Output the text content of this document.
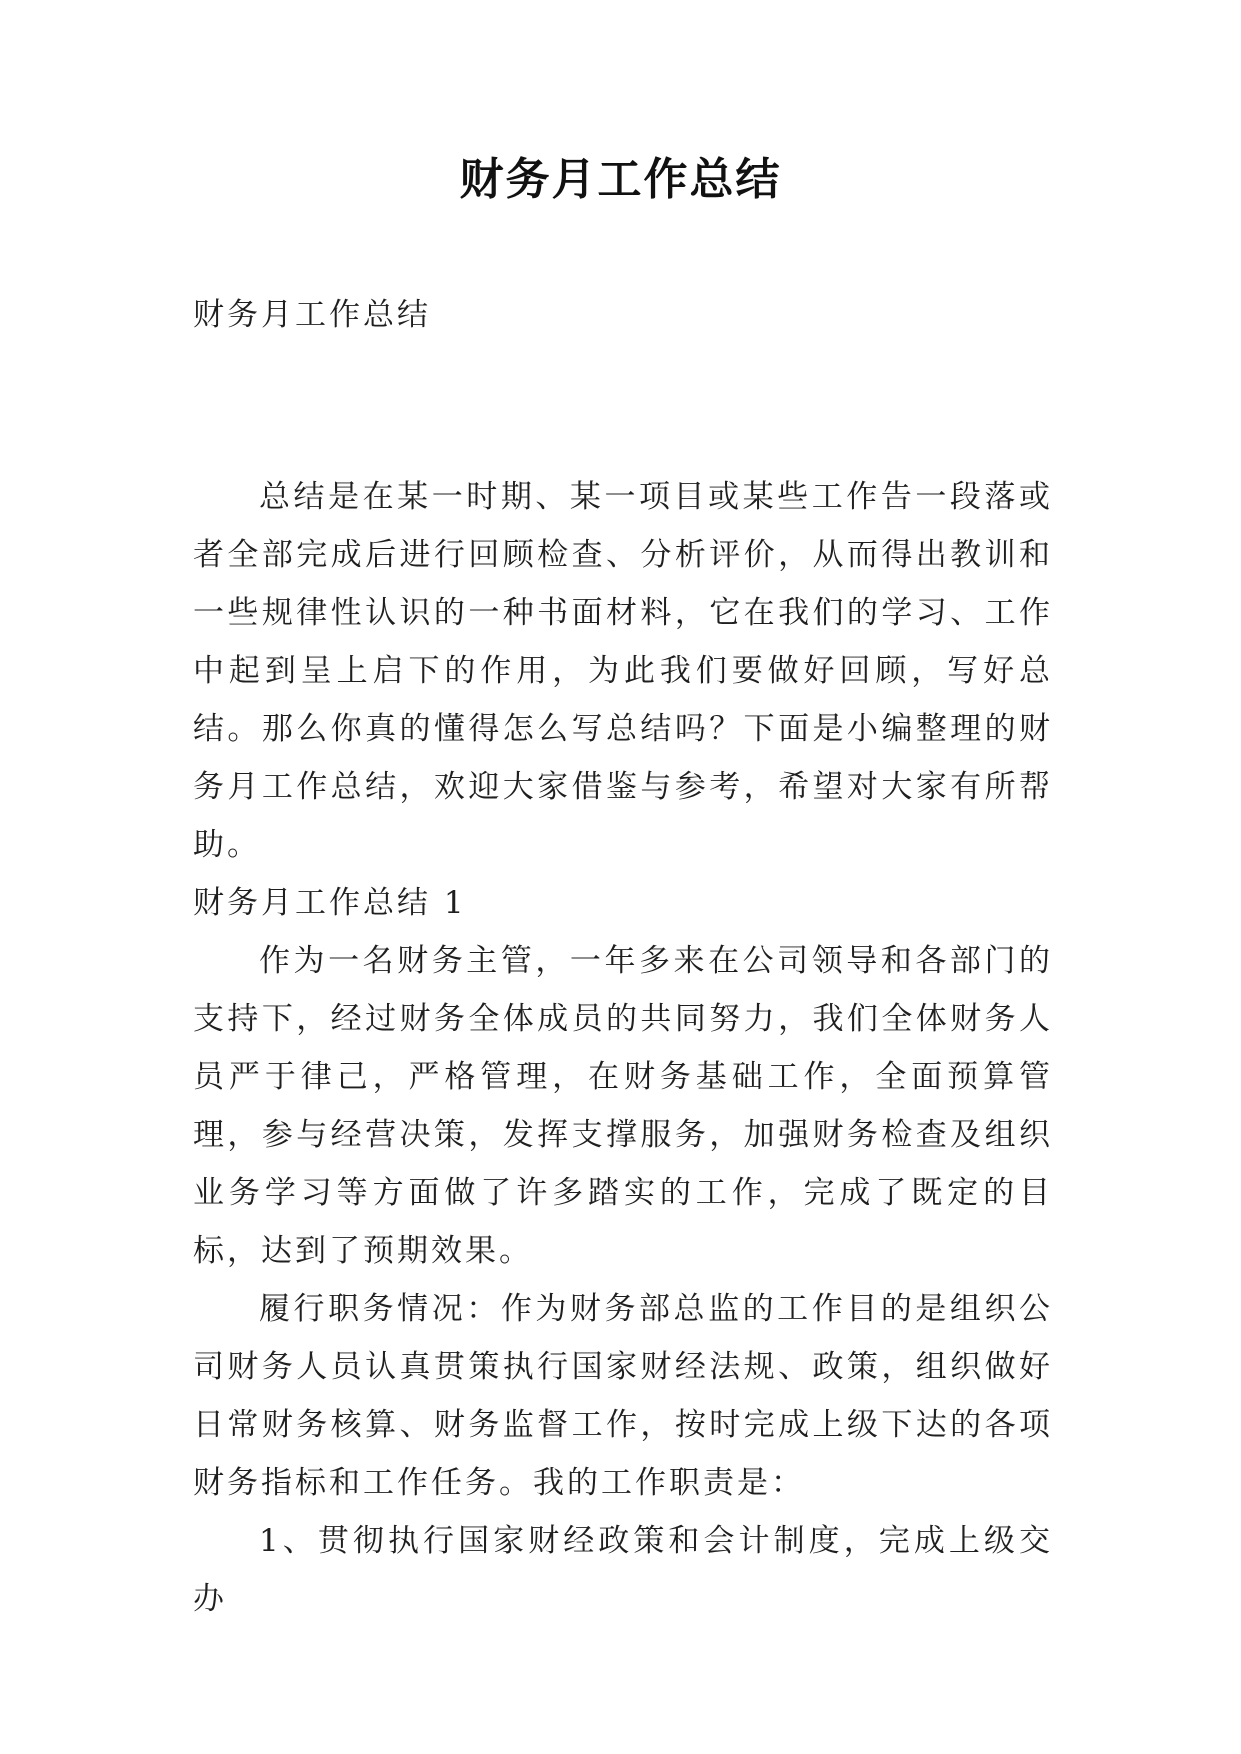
财务月工作总结
财务月工作总结

总结是在某一时期、某一项目或某些工作告一段落或者全部完成后进行回顾检查、分析评价，从而得出教训和一些规律性认识的一种书面材料，它在我们的学习、工作中起到呈上启下的作用，为此我们要做好回顾，写好总结。那么你真的懂得怎么写总结吗？下面是小编整理的财务月工作总结，欢迎大家借鉴与参考，希望对大家有所帮助。

财务月工作总结 1

作为一名财务主管，一年多来在公司领导和各部门的支持下，经过财务全体成员的共同努力，我们全体财务人员严于律己，严格管理，在财务基础工作，全面预算管理，参与经营决策，发挥支撑服务，加强财务检查及组织业务学习等方面做了许多踏实的工作，完成了既定的目标，达到了预期效果。

履行职务情况：作为财务部总监的工作目的是组织公司财务人员认真贯策执行国家财经法规、政策，组织做好日常财务核算、财务监督工作，按时完成上级下达的各项财务指标和工作任务。我的工作职责是：

1、贯彻执行国家财经政策和会计制度，完成上级交办
